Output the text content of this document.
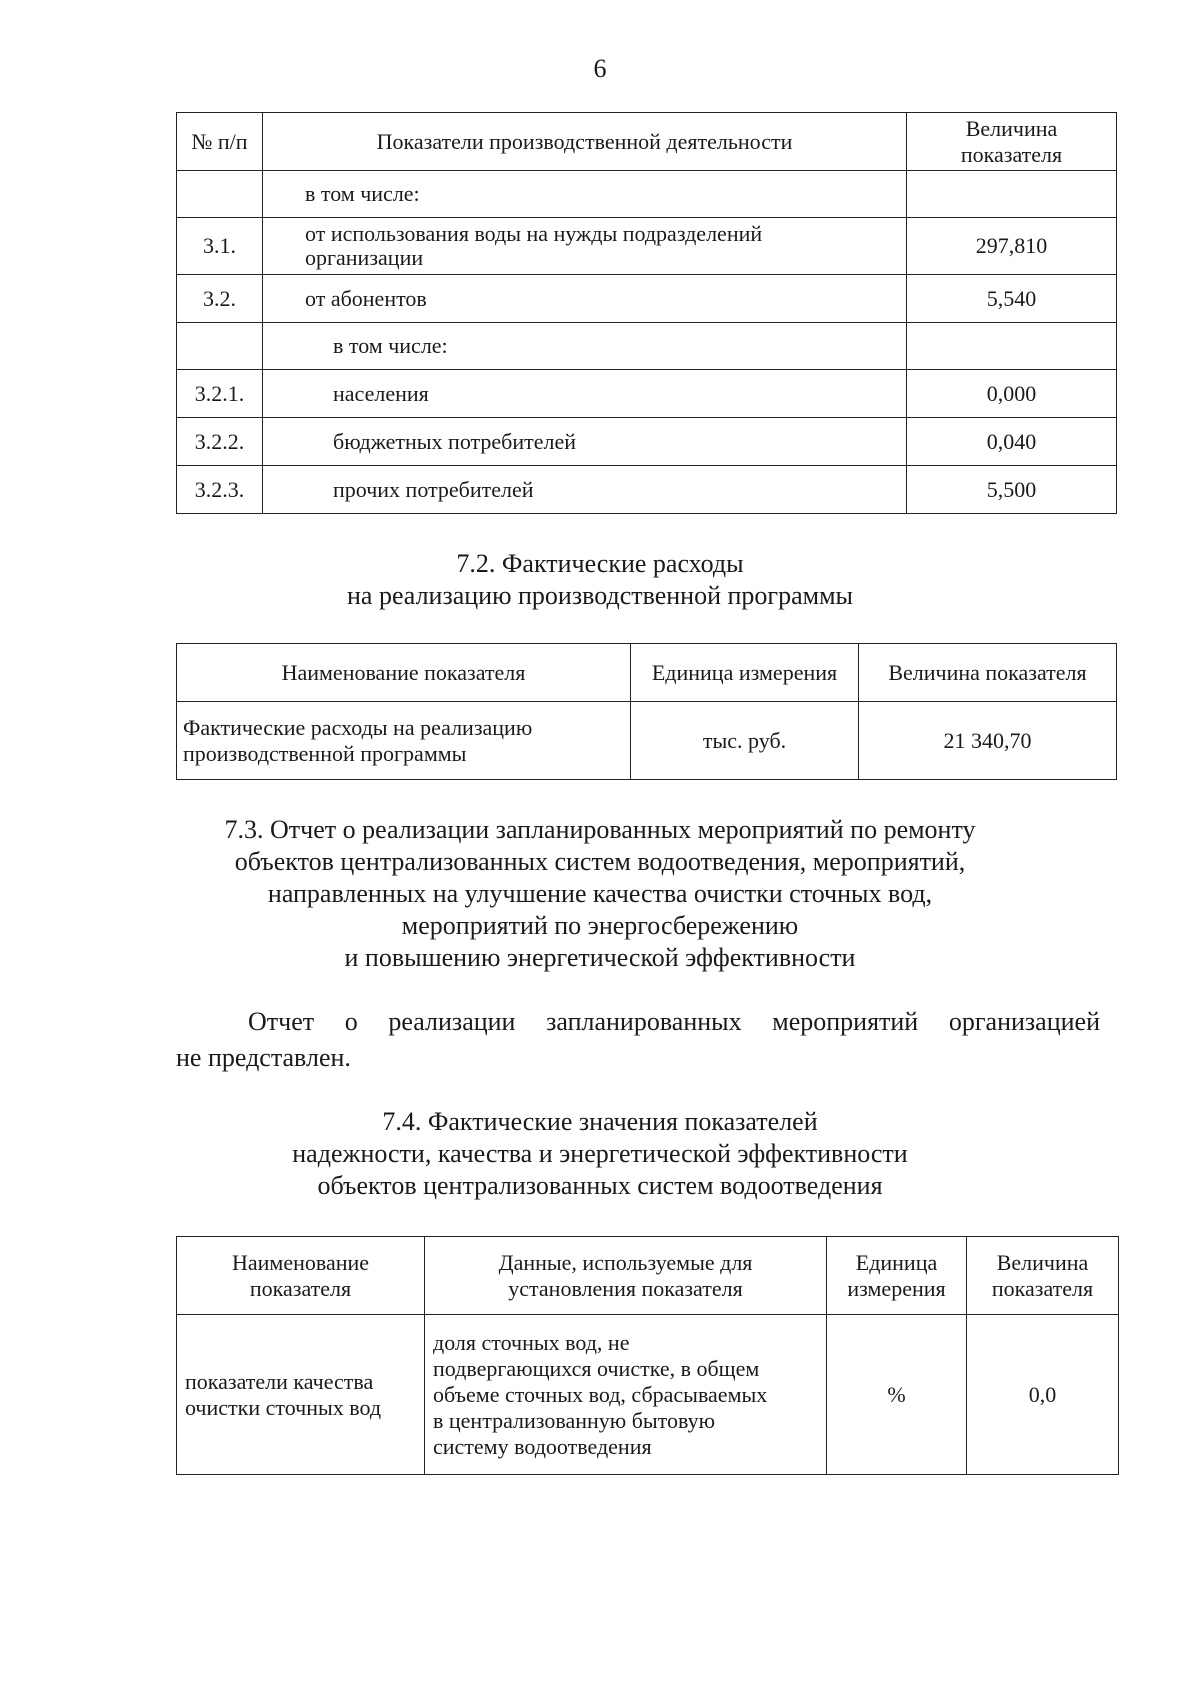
6
№ п/п	Показатели производственной деятельности	Величина показателя
	в том числе:	
3.1.	от использования воды на нужды подразделений организации	297,810
3.2.	от абонентов	5,540
	в том числе:	
3.2.1.	населения	0,000
3.2.2.	бюджетных потребителей	0,040
3.2.3.	прочих потребителей	5,500
7.2. Фактические расходы
на реализацию производственной программы
Наименование показателя	Единица измерения	Величина показателя
Фактические расходы на реализацию производственной программы	тыс. руб.	21 340,70
7.3. Отчет о реализации запланированных мероприятий по ремонту
объектов централизованных систем водоотведения, мероприятий,
направленных на улучшение качества очистки сточных вод,
мероприятий по энергосбережению
и повышению энергетической эффективности
Отчет о реализации запланированных мероприятий организацией
не представлен.
7.4. Фактические значения показателей
надежности, качества и энергетической эффективности
объектов централизованных систем водоотведения
Наименование показателя	Данные, используемые для установления показателя	Единица измерения	Величина показателя
показатели качества очистки сточных вод	доля сточных вод, не подвергающихся очистке, в общем объеме сточных вод, сбрасываемых в централизованную бытовую систему водоотведения	%	0,0
